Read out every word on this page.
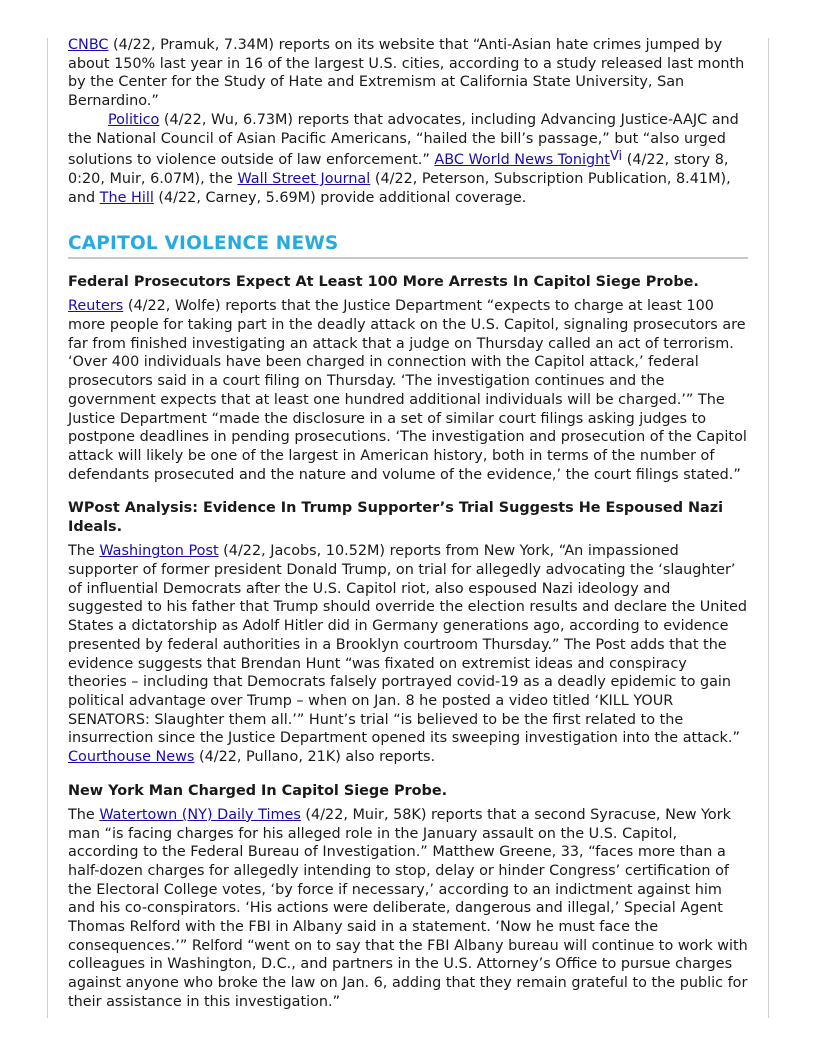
CNBC (4/22, Pramuk, 7.34M) reports on its website that “Anti-Asian hate crimes jumped by about 150% last year in 16 of the largest U.S. cities, according to a study released last month by the Center for the Study of Hate and Extremism at California State University, San Bernardino.”

Politico (4/22, Wu, 6.73M) reports that advocates, including Advancing Justice-AAJC and the National Council of Asian Pacific Americans, “hailed the bill’s passage,” but “also urged solutions to violence outside of law enforcement.” ABC World News TonightVi (4/22, story 8, 0:20, Muir, 6.07M), the Wall Street Journal (4/22, Peterson, Subscription Publication, 8.41M), and The Hill (4/22, Carney, 5.69M) provide additional coverage.

CAPITOL VIOLENCE NEWS
Federal Prosecutors Expect At Least 100 More Arrests In Capitol Siege Probe.

Reuters (4/22, Wolfe) reports that the Justice Department “expects to charge at least 100 more people for taking part in the deadly attack on the U.S. Capitol, signaling prosecutors are far from finished investigating an attack that a judge on Thursday called an act of terrorism. ‘Over 400 individuals have been charged in connection with the Capitol attack,’ federal prosecutors said in a court filing on Thursday. ‘The investigation continues and the government expects that at least one hundred additional individuals will be charged.’” The Justice Department “made the disclosure in a set of similar court filings asking judges to postpone deadlines in pending prosecutions. ‘The investigation and prosecution of the Capitol attack will likely be one of the largest in American history, both in terms of the number of defendants prosecuted and the nature and volume of the evidence,’ the court filings stated.”

WPost Analysis: Evidence In Trump Supporter’s Trial Suggests He Espoused Nazi Ideals.

The Washington Post (4/22, Jacobs, 10.52M) reports from New York, “An impassioned supporter of former president Donald Trump, on trial for allegedly advocating the ‘slaughter’ of influential Democrats after the U.S. Capitol riot, also espoused Nazi ideology and suggested to his father that Trump should override the election results and declare the United States a dictatorship as Adolf Hitler did in Germany generations ago, according to evidence presented by federal authorities in a Brooklyn courtroom Thursday.” The Post adds that the evidence suggests that Brendan Hunt “was fixated on extremist ideas and conspiracy theories – including that Democrats falsely portrayed covid-19 as a deadly epidemic to gain political advantage over Trump – when on Jan. 8 he posted a video titled ‘KILL YOUR SENATORS: Slaughter them all.’” Hunt’s trial “is believed to be the first related to the insurrection since the Justice Department opened its sweeping investigation into the attack.” Courthouse News (4/22, Pullano, 21K) also reports.

New York Man Charged In Capitol Siege Probe.

The Watertown (NY) Daily Times (4/22, Muir, 58K) reports that a second Syracuse, New York man “is facing charges for his alleged role in the January assault on the U.S. Capitol, according to the Federal Bureau of Investigation.” Matthew Greene, 33, “faces more than a half-dozen charges for allegedly intending to stop, delay or hinder Congress’ certification of the Electoral College votes, ‘by force if necessary,’ according to an indictment against him and his co-conspirators. ‘His actions were deliberate, dangerous and illegal,’ Special Agent Thomas Relford with the FBI in Albany said in a statement. ‘Now he must face the consequences.’” Relford “went on to say that the FBI Albany bureau will continue to work with colleagues in Washington, D.C., and partners in the U.S. Attorney’s Office to pursue charges against anyone who broke the law on Jan. 6, adding that they remain grateful to the public for their assistance in this investigation.”
